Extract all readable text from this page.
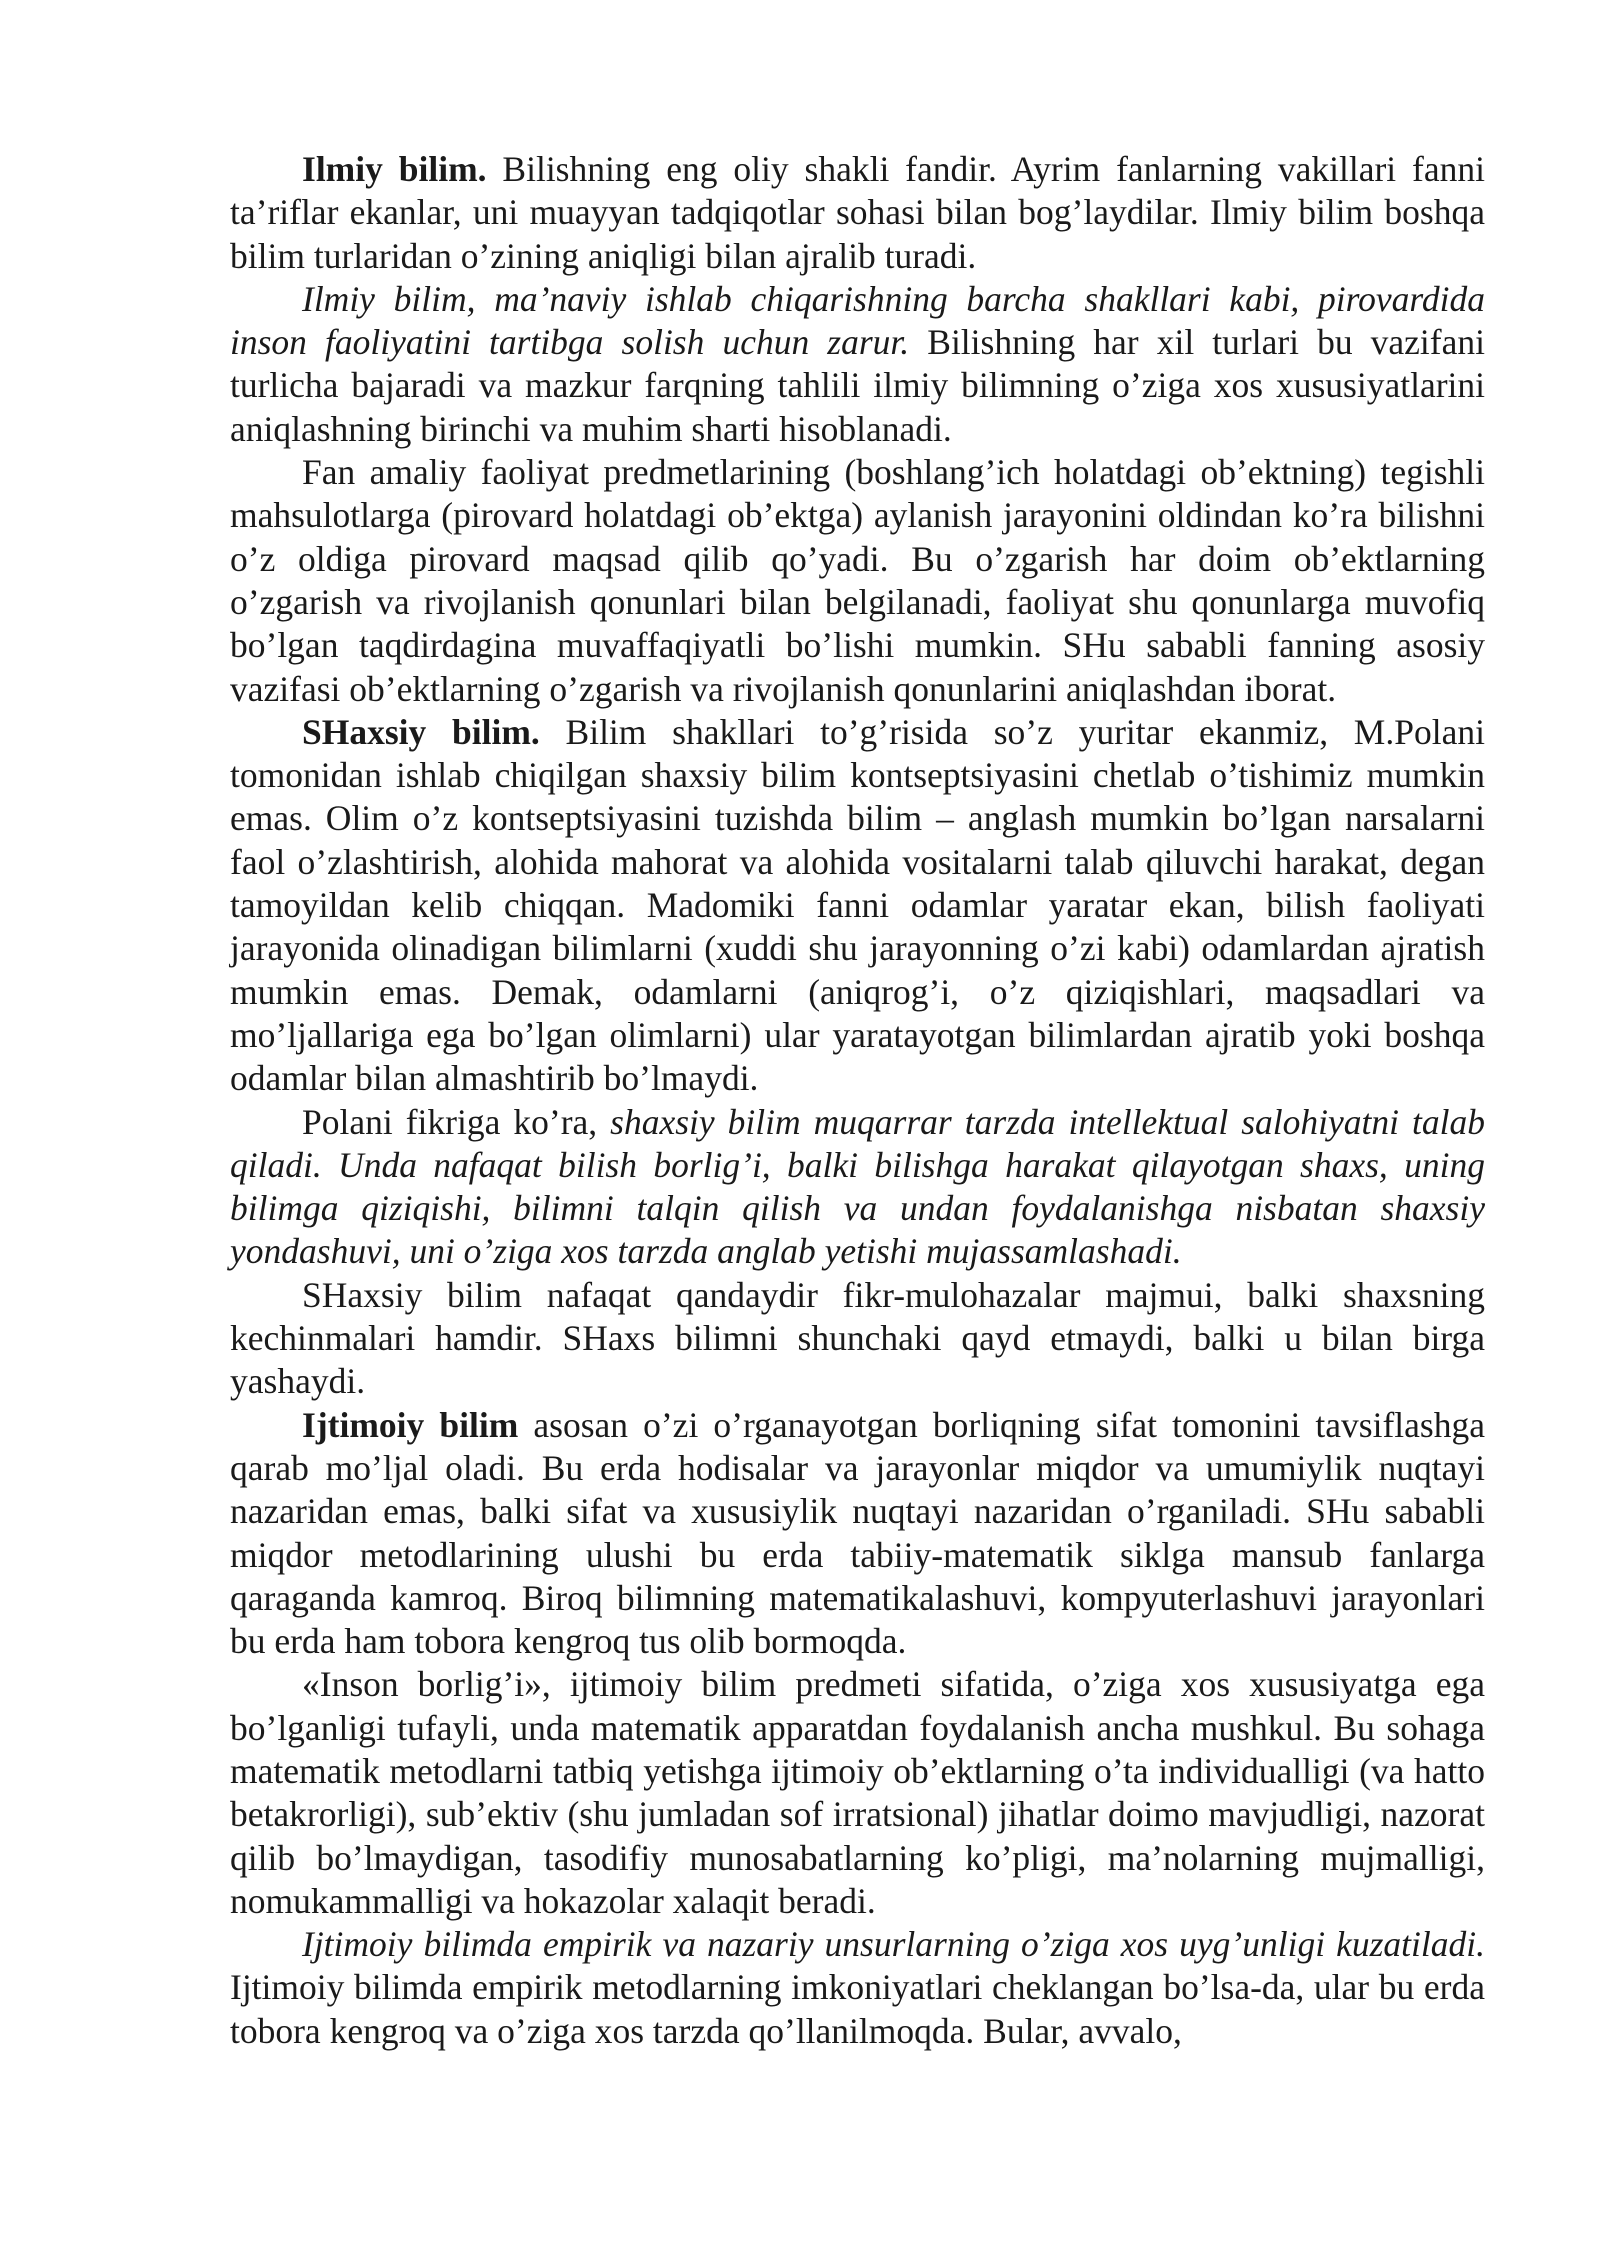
Ilmiy bilim. Bilishning eng oliy shakli fandir. Ayrim fanlarning vakillari fanni ta’riflar ekanlar, uni muayyan tadqiqotlar sohasi bilan bog’laydilar. Ilmiy bilim boshqa bilim turlaridan o’zining aniqligi bilan ajralib turadi.

Ilmiy bilim, ma’naviy ishlab chiqarishning barcha shakllari kabi, pirovardida inson faoliyatini tartibga solish uchun zarur. Bilishning har xil turlari bu vazifani turlicha bajaradi va mazkur farqning tahlili ilmiy bilimning o’ziga xos xususiyatlarini aniqlashning birinchi va muhim sharti hisoblanadi.

Fan amaliy faoliyat predmetlarining (boshlang’ich holatdagi ob’ektning) tegishli mahsulotlarga (pirovard holatdagi ob’ektga) aylanish jarayonini oldindan ko’ra bilishni o’z oldiga pirovard maqsad qilib qo’yadi. Bu o’zgarish har doim ob’ektlarning o’zgarish va rivojlanish qonunlari bilan belgilanadi, faoliyat shu qonunlarga muvofiq bo’lgan taqdirdagina muvaffaqiyatli bo’lishi mumkin. SHu sababli fanning asosiy vazifasi ob’ektlarning o’zgarish va rivojlanish qonunlarini aniqlashdan iborat.

SHaxsiy bilim. Bilim shakllari to’g’risida so’z yuritar ekanmiz, M.Polani tomonidan ishlab chiqilgan shaxsiy bilim kontseptsiyasini chetlab o’tishimiz mumkin emas. Olim o’z kontseptsiyasini tuzishda bilim – anglash mumkin bo’lgan narsalarni faol o’zlashtirish, alohida mahorat va alohida vositalarni talab qiluvchi harakat, degan tamoyildan kelib chiqqan. Madomiki fanni odamlar yaratar ekan, bilish faoliyati jarayonida olinadigan bilimlarni (xuddi shu jarayonning o’zi kabi) odamlardan ajratish mumkin emas. Demak, odamlarni (aniqrog’i, o’z qiziqishlari, maqsadlari va mo’ljallariga ega bo’lgan olimlarni) ular yaratayotgan bilimlardan ajratib yoki boshqa odamlar bilan almashtirib bo’lmaydi.

Polani fikriga ko’ra, shaxsiy bilim muqarrar tarzda intellektual salohiyatni talab qiladi. Unda nafaqat bilish borlig’i, balki bilishga harakat qilayotgan shaxs, uning bilimga qiziqishi, bilimni talqin qilish va undan foydalanishga nisbatan shaxsiy yondashuvi, uni o’ziga xos tarzda anglab yetishi mujassamlashadi.

SHaxsiy bilim nafaqat qandaydir fikr-mulohazalar majmui, balki shaxsning kechinmalari hamdir. SHaxs bilimni shunchaki qayd etmaydi, balki u bilan birga yashaydi.

Ijtimoiy bilim asosan o’zi o’rganayotgan borliqning sifat tomonini tavsiflashga qarab mo’ljal oladi. Bu erda hodisalar va jarayonlar miqdor va umumiylik nuqtayi nazaridan emas, balki sifat va xususiylik nuqtayi nazaridan o’rganiladi. SHu sababli miqdor metodlarining ulushi bu erda tabiiy-matematik siklga mansub fanlarga qaraganda kamroq. Biroq bilimning matematikalashuvi, kompyuterlashuvi jarayonlari bu erda ham tobora kengroq tus olib bormoqda.

«Inson borlig’i», ijtimoiy bilim predmeti sifatida, o’ziga xos xususiyatga ega bo’lganligi tufayli, unda matematik apparatdan foydalanish ancha mushkul. Bu sohaga matematik metodlarni tatbiq yetishga ijtimoiy ob’ektlarning o’ta individualligi (va hatto betakrorligi), sub’ektiv (shu jumladan sof irratsional) jihatlar doimo mavjudligi, nazorat qilib bo’lmaydigan, tasodifiy munosabatlarning ko’pligi, ma’nolarning mujmalligi, nomukammalligi va hokazolar xalaqit beradi.

Ijtimoiy bilimda empirik va nazariy unsurlarning o’ziga xos uyg’unligi kuzatiladi. Ijtimoiy bilimda empirik metodlarning imkoniyatlari cheklangan bo’lsa-da, ular bu erda tobora kengroq va o’ziga xos tarzda qo’llanilmoqda. Bular, avvalo,
